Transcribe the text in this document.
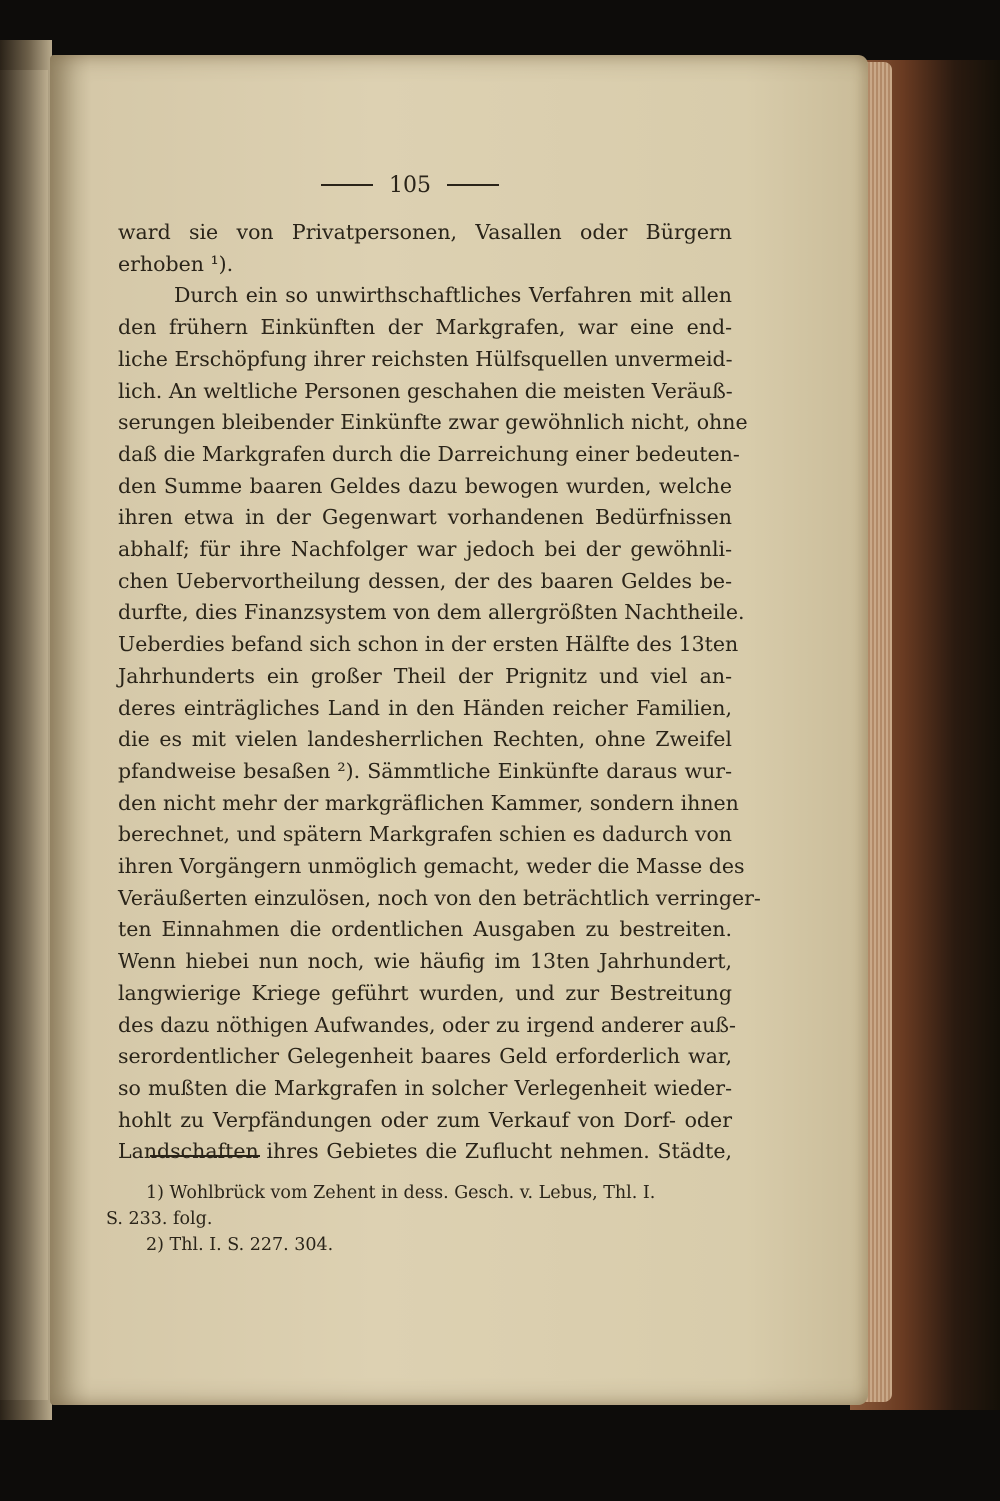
105
ward sie von Privatpersonen, Vasallen oder Bürgern
erhoben ¹).
Durch ein so unwirthschaftliches Verfahren mit allen
den frühern Einkünften der Markgrafen, war eine end-
liche Erschöpfung ihrer reichsten Hülfsquellen unvermeid-
lich. An weltliche Personen geschahen die meisten Veräuß-
serungen bleibender Einkünfte zwar gewöhnlich nicht, ohne
daß die Markgrafen durch die Darreichung einer bedeuten-
den Summe baaren Geldes dazu bewogen wurden, welche
ihren etwa in der Gegenwart vorhandenen Bedürfnissen
abhalf; für ihre Nachfolger war jedoch bei der gewöhnli-
chen Uebervortheilung dessen, der des baaren Geldes be-
durfte, dies Finanzsystem von dem allergrößten Nachtheile.
Ueberdies befand sich schon in der ersten Hälfte des 13ten
Jahrhunderts ein großer Theil der Prignitz und viel an-
deres einträgliches Land in den Händen reicher Familien,
die es mit vielen landesherrlichen Rechten, ohne Zweifel
pfandweise besaßen ²). Sämmtliche Einkünfte daraus wur-
den nicht mehr der markgräflichen Kammer, sondern ihnen
berechnet, und spätern Markgrafen schien es dadurch von
ihren Vorgängern unmöglich gemacht, weder die Masse des
Veräußerten einzulösen, noch von den beträchtlich verringer-
ten Einnahmen die ordentlichen Ausgaben zu bestreiten.
Wenn hiebei nun noch, wie häufig im 13ten Jahrhundert,
langwierige Kriege geführt wurden, und zur Bestreitung
des dazu nöthigen Aufwandes, oder zu irgend anderer auß-
serordentlicher Gelegenheit baares Geld erforderlich war,
so mußten die Markgrafen in solcher Verlegenheit wieder-
hohlt zu Verpfändungen oder zum Verkauf von Dorf- oder
Landschaften ihres Gebietes die Zuflucht nehmen. Städte,
1) Wohlbrück vom Zehent in dess. Gesch. v. Lebus, Thl. I.
S. 233. folg.
2) Thl. I. S. 227. 304.
